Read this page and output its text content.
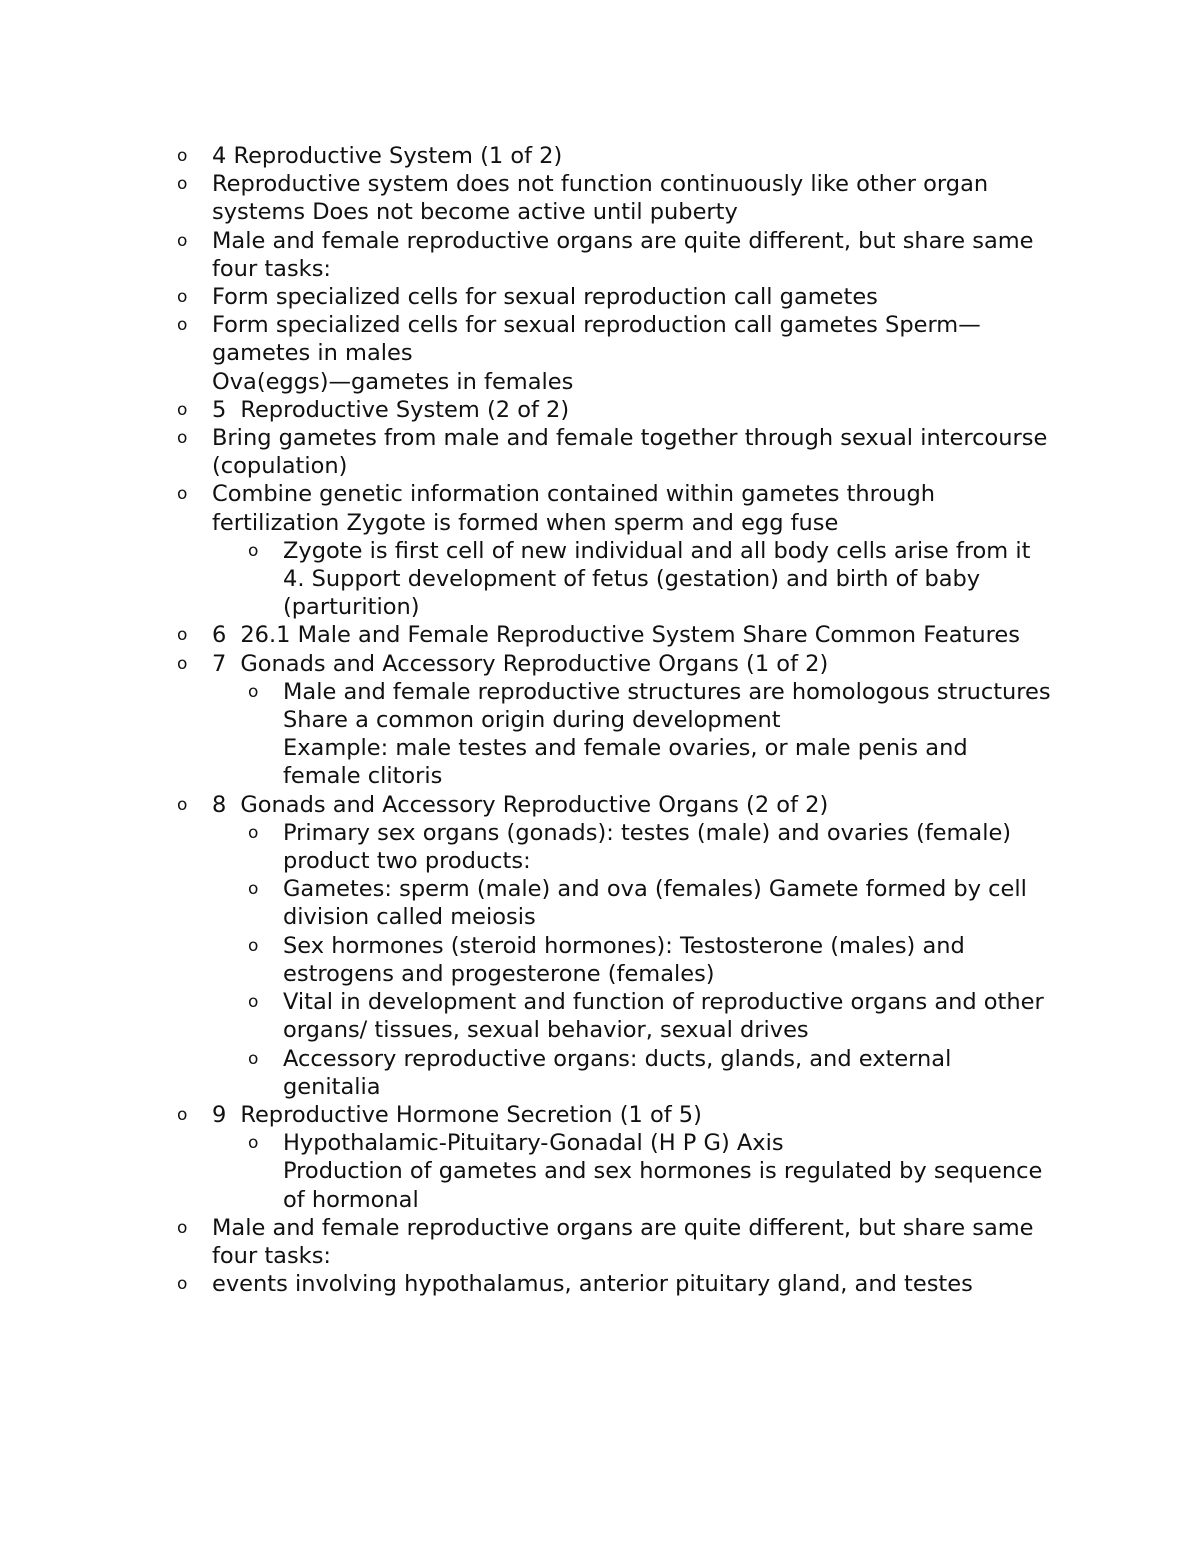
o 4 Reproductive System (1 of 2)
o Reproductive system does not function continuously like other organ systems Does not become active until puberty
o Male and female reproductive organs are quite different, but share same four tasks:
o Form specialized cells for sexual reproduction call gametes
o Form specialized cells for sexual reproduction call gametes Sperm—gametes in males
Ova(eggs)—gametes in females
o 5 Reproductive System (2 of 2)
o Bring gametes from male and female together through sexual intercourse (copulation)
o Combine genetic information contained within gametes through fertilization Zygote is formed when sperm and egg fuse
o Zygote is first cell of new individual and all body cells arise from it
4. Support development of fetus (gestation) and birth of baby (parturition)
o 6 26.1 Male and Female Reproductive System Share Common Features
o 7 Gonads and Accessory Reproductive Organs (1 of 2)
o Male and female reproductive structures are homologous structures
Share a common origin during development
Example: male testes and female ovaries, or male penis and female clitoris
o 8 Gonads and Accessory Reproductive Organs (2 of 2)
o Primary sex organs (gonads): testes (male) and ovaries (female) product two products:
o Gametes: sperm (male) and ova (females) Gamete formed by cell division called meiosis
o Sex hormones (steroid hormones): Testosterone (males) and estrogens and progesterone (females)
o Vital in development and function of reproductive organs and other organs/ tissues, sexual behavior, sexual drives
o Accessory reproductive organs: ducts, glands, and external genitalia
o 9 Reproductive Hormone Secretion (1 of 5)
o Hypothalamic-Pituitary-Gonadal (H P G) Axis
Production of gametes and sex hormones is regulated by sequence of hormonal
o Male and female reproductive organs are quite different, but share same four tasks:
o events involving hypothalamus, anterior pituitary gland, and testes
